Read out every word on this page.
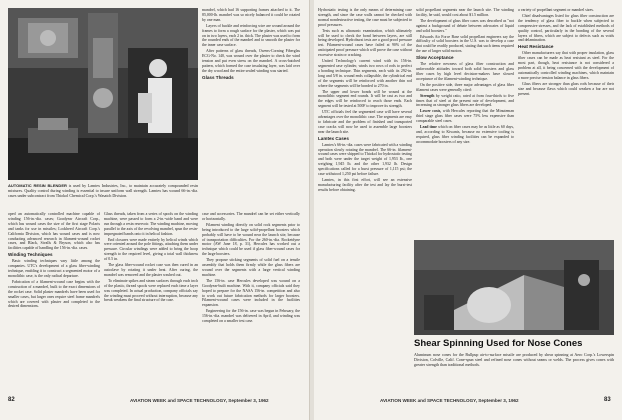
AUTOMATIC RESIN BLENDER is used by Lamtex Industries, Inc., to maintain accurately compounded resin mixtures. Quality control during winding is essential to insure uniform wall strength. Lamtex has wound 66-in.-dia. cases under subcontract from Thiokol Chemical Corp.'s Wasatch Division.

oped an automatically controlled machine capable of winding 156-in.-dia. cases; Goodyear Aircraft Corp., which has wound cases the size of the first stage Polaris and tanks for use in missiles; Lockheed Aircraft Corp.'s California Division, which has wound cases and is now conducting advanced research in filament-wound rocket cases, and Black, Sivalls & Bryson, which also has facilities capable of handling the 156-in.-dia. cases.

Winding Techniques

Basic winding techniques vary little among the companies. UTC's development of a glass fiber-winding technique, enabling it to construct a segmented motor of a monolithic case, is the only radical departure.

Fabrication of a filament-wound case begins with the construction of a mandrel, built to the exact dimensions of the rocket case. Solid plaster mandrels have been used for smaller cases, but larger ones require steel frame mandrels which are covered with plaster and completed to the desired dimensions.

Glass threads, taken from a series of spools on the winding machine, were passed to form a 2-in.-wide band and were run through a resin reservoir. The winding machine, moving parallel to the axis of the revolving mandrel, spun the resin-impregnated bands onto it in helical fashion.

End closures were made entirely by helical winds which were oriented around the pole fittings, attaching them under pressure. Circular windings were added to bring the hoop strength to the required level, giving a total wall thickness of 0.5 in.

The glass fiber-wound rocket case was then cured in an autoclave by rotating it under heat. After curing, the mandrel was removed and the plaster washed out.

To eliminate spikes and steam surfaces through each inch of the plastic, thread spools were replaced each time a layer was completed. In actual production, company officials say the winding must proceed without interruption, because any break weakens the final structure of the case.

mandrel, which had 16 supporting frames attached to it. The 85,000-lb. mandrel was so nicely balanced it could be rotated by one man.

Layers of buckle and reinforcing wire are wound around the frames to form a rough surface for the plaster, which was put on in two layers, each 2 in. thick. The plaster was used to form the rounded ends of the mandrel and to smooth the plaster for the inner case surface.

After patterns of glass threads, Owens-Corning Fiberglas ECG-No. 140, was wound over the plaster to check the wind tension and put even stress on the mandrel. A cross-hatched pattern, which formed the case insulating layer, was laid over the dry wood and the entire sealed winding was started.

Glass Threads

case and accessories. The mandrel can be set either vertically or horizontally.

Filament winding directly on solid rock segments prior to being introduced to the large solid-propellant boosters which probably will have to be wound near the launch site, because of transportation difficulties. For the 260-in.-dia. Rocketdyne motor (AW June 18, p. 31), Hercules has worked out a technique which could be used if glass fiber-wound cases for the large boosters.

They propose sticking segments of solid fuel on a tensile assembly that holds them firmly while the glass fibers are wound over the segments with a large vertical winding machine.

The 156-in. case Hercules developed was wound on a Goodyear-built machine. With it, company officials said they hoped to prepare for the NASA 156-in. competition and also to work out future fabrication methods for larger boosters. Filament-wound cases were included in the facilities expansion.

Engineering for the 156-in. case was begun in February, the 156-in.-dia. mandrel was delivered in April, and winding was completed on a smaller test case.

82	AVIATION WEEK and SPACE TECHNOLOGY, September 3, 1962

Hydrostatic testing is the only means of determining case strength, and since the case walls cannot be checked with normal nondestructive testing, the case must be subjected to proof pressures.

Tests such as ultrasonic examination, which ultimately will be used to check the bond between layers, are still being developed. Hydroburst tests are a good proof pressure test. Filament-wound cases have failed at 90% of the anticipated proof pressure which will prove the case without excessive strain or cracking.

United Technology's current wind with its 156-in. segmented case cylinder, winds two rows of rods to perfect a bonding technique. Thin segments, each with its 292-in. long and 5/8 in. wound ends collapsible, the cylindrical end of the segments will be reinforced with another thin rod where the segments will be bonded to 270 in.

The upper and lower bonds will be wound at the monolithic segment end rounds. It will be cast as two and the edges will be reinforced to reach those ends. Each segment will be tested at 500F to improve its strength.

UTC officials feel the segmented case will have several advantages over the monolithic case. The segments are easy to fabricate and the problem of finished and transported case cracks will now be used to assemble large boosters near the launch site.

Lamtex Cases

Lamtex's 66-in.-dia. cases were fabricated with a winding operation slowly rotating the mandrel. The 66-in. filament-wound cases were shipped to Thiokol for hydrostatic testing and both were under the target weight of 1,953 lb., one weighing 1,945 lb. and the other 1,932 lb. Design specifications called for a burst pressure of 1,115 psi; the case withstood 1,250 psi before failure.

Lamtex, in this first effort, will see an extensive manufacturing facility after the test and lay the burst-test results before obtaining.

solid propellant segments near the launch site. The winding facility, he said, would cost about $1.5 million.

The development of glass fiber cases was described as "not against a background of debate between advocates of liquid and solid boosters."

Edwards Air Force Base solid propellant engineers say the difficulty of solid boosters in the U.S. was to develop a case that could be readily produced, stating that such items required the use of larger solid motors.

Slow Acceptance

The relative newness of glass fiber construction and unfavorable attitudes toward both solid boosters and glass fiber cases by high level decision-makers have slowed acceptance of the filament-winding technique.

On the positive side, three major advantages of glass fiber filament cases were generally cited:

Strength by weight ratio, rated at from four-thirds to five times that of steel at the present rate of development, and increasing as stronger glass fibers are developed.

Lower costs, with Hercules reporting that the Minuteman third stage glass fiber cases were 75% less expensive than comparable steel cases.

Lead time which on fiber cases may be as little as 60 days, and, according to Kiwanis, because no extensive tooling is required, glass fiber winding facilities can be expanded to accommodate boosters of any size.

a variety of propellant segment or mandrel sizes.

Chief disadvantages listed for glass fiber construction are the tendency of glass fiber to buckle when subjected to compressive stresses, and the lack of established methods of quality control, particularly in the bonding of the several layers of fibers, which are subject to defects such as voids and delamination.

Heat Resistance

Other manufacturers say that with proper insulation, glass fiber cases can be made as heat resistant as steel. For the most part, though, heat resistance is not considered a problem at all, it being concerned with the development of automatically controlled winding machines, which maintain a more precise tension balance in glass fibers.

Glass fibers are stronger than glass rods because of their size and because flaws which could weaken a bar are not present.

Shear Spinning Used for Nose Cones
Aluminum nose cones for the Bullpup air-to-surface missile are produced by shear spinning at Aero Corp.'s Lowerspin Division, Colville, Calif. Cone-spun steel and refined nose cones without seams or welds. The process gives cones with greater strength than traditional methods.
AVIATION WEEK and SPACE TECHNOLOGY, September 3, 1962	83
